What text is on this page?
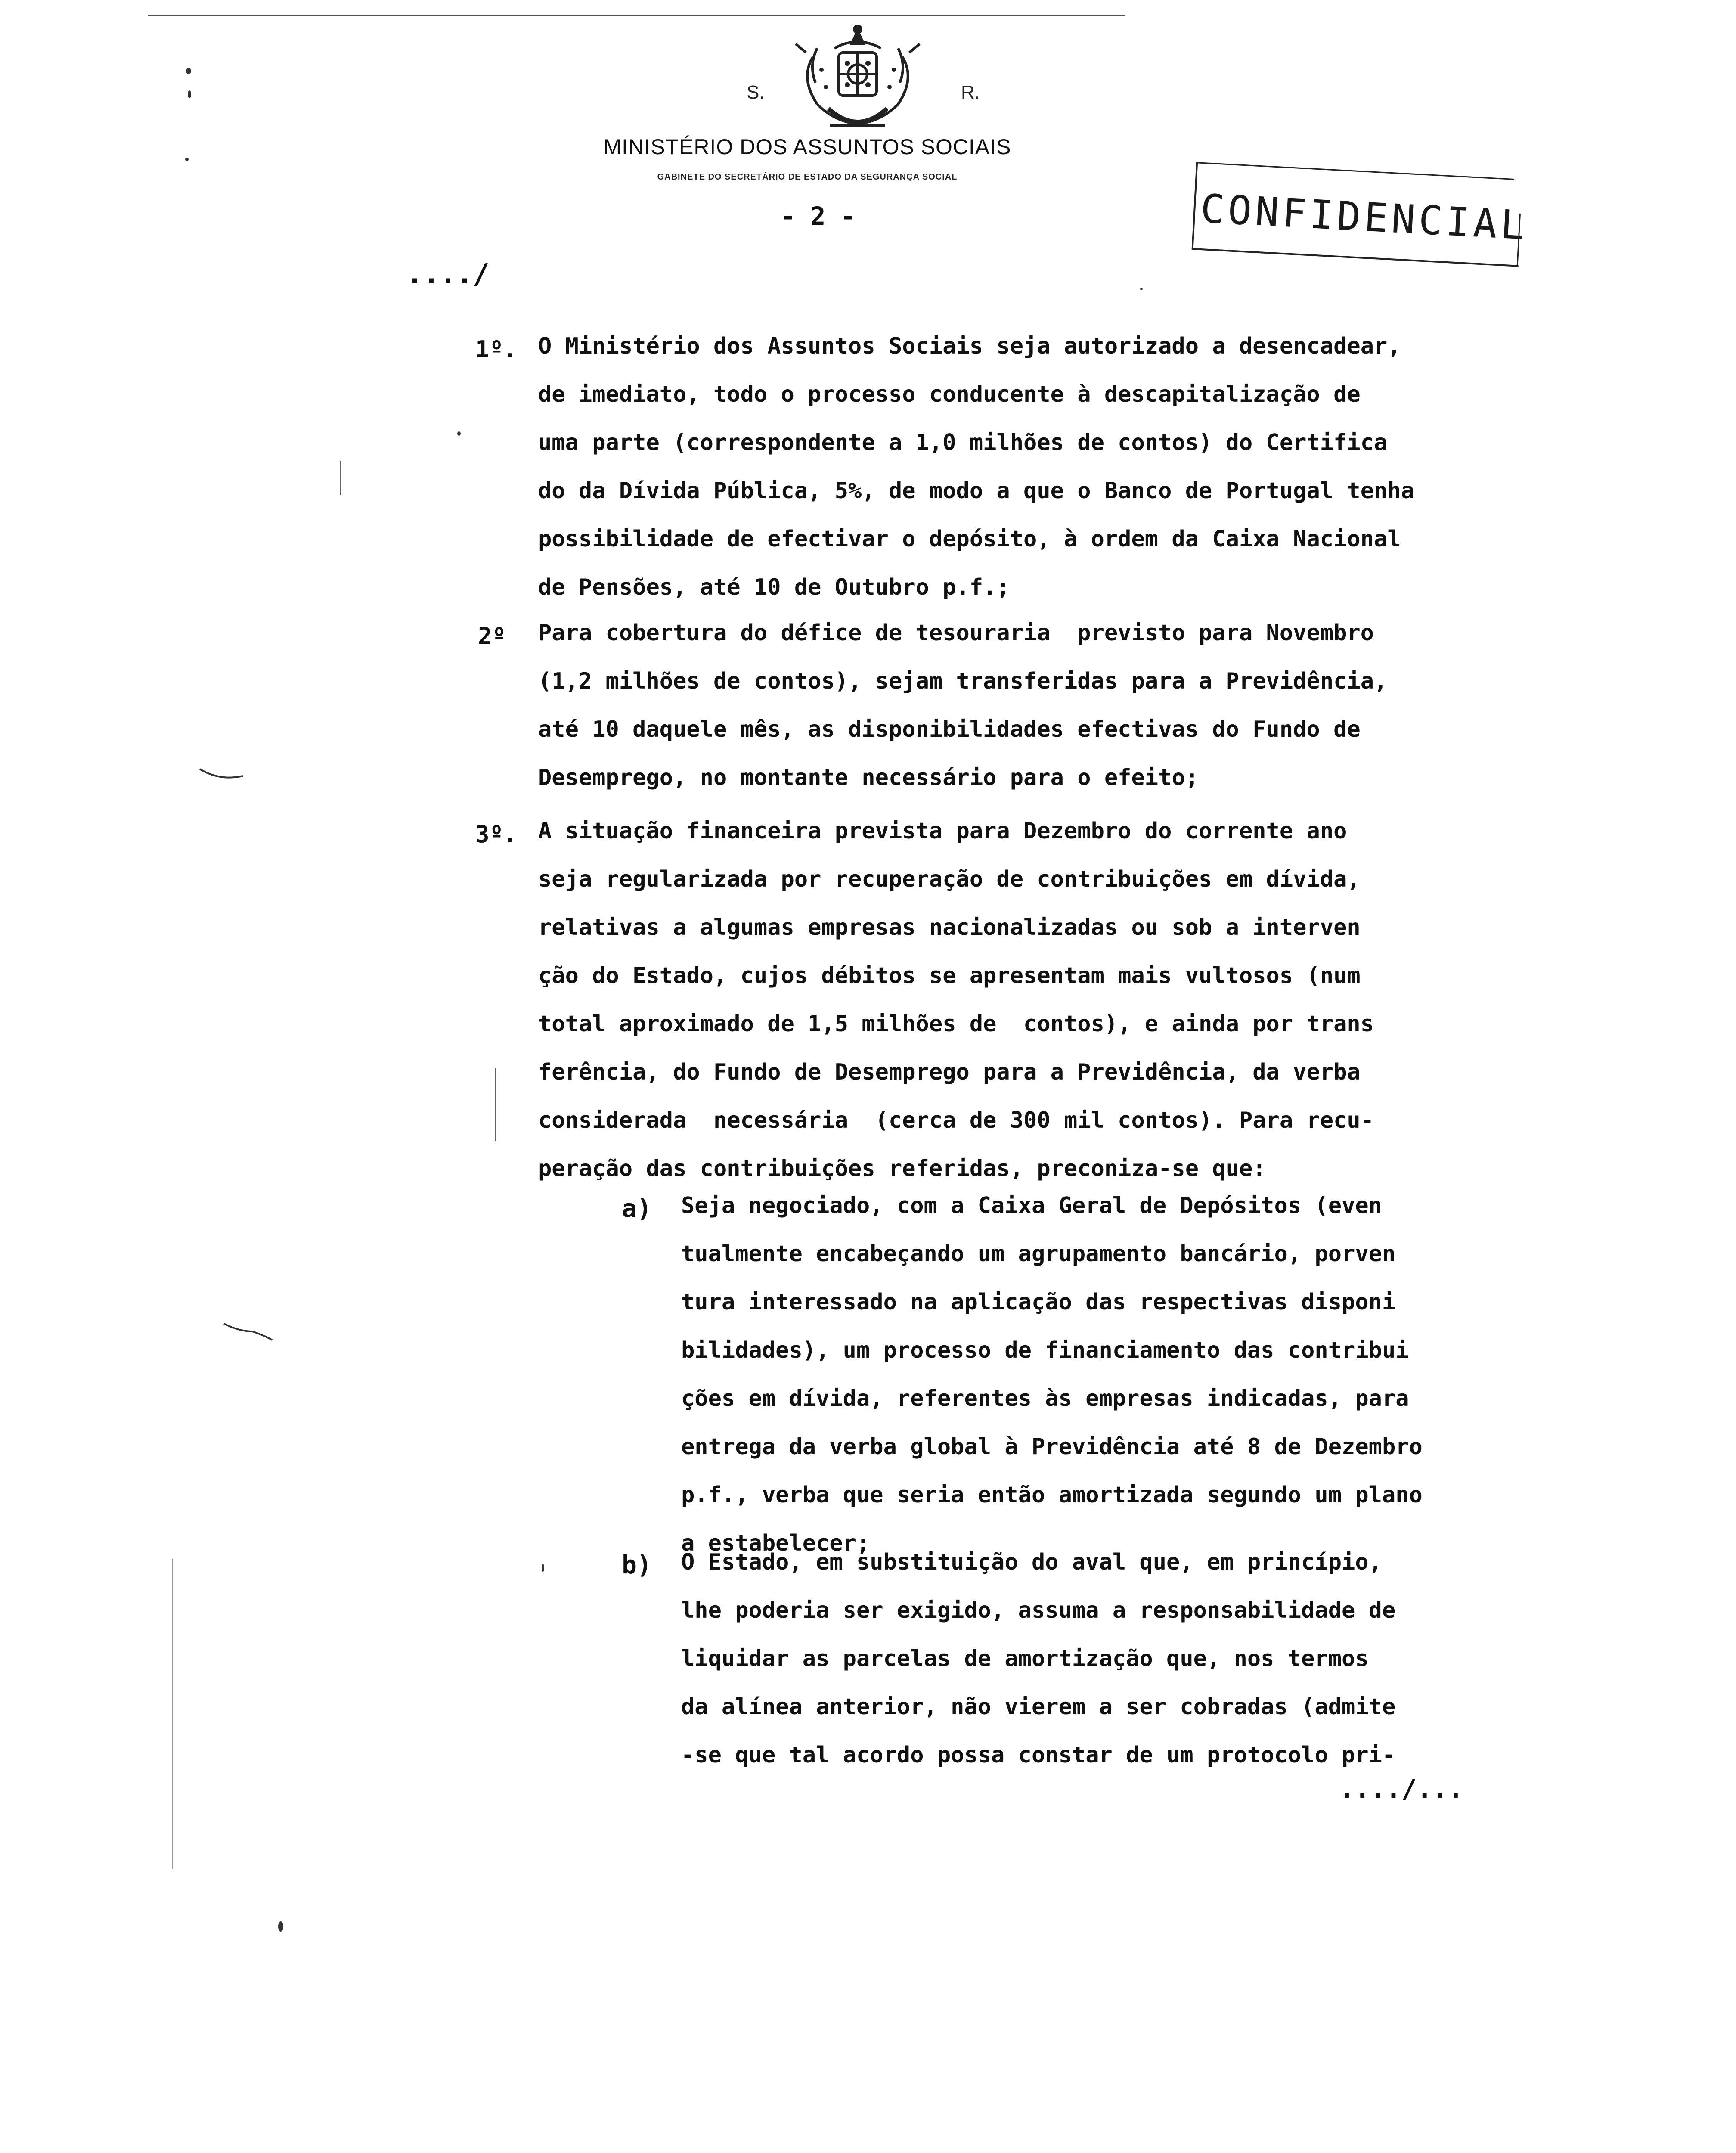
S.	R.
MINISTÉRIO DOS ASSUNTOS SOCIAIS
GABINETE DO SECRETÁRIO DE ESTADO DA SEGURANÇA SOCIAL
- 2 -	CONFIDENCIAL
..../
1º. O Ministério dos Assuntos Sociais seja autorizado a desencadear,
de imediato, todo o processo conducente à descapitalização de
uma parte (correspondente a 1,0 milhões de contos) do Certifica
do da Dívida Pública, 5%, de modo a que o Banco de Portugal tenha
possibilidade de efectivar o depósito, à ordem da Caixa Nacional
de Pensões, até 10 de Outubro p.f.;
2º Para cobertura do défice de tesouraria  previsto para Novembro
(1,2 milhões de contos), sejam transferidas para a Previdência,
até 10 daquele mês, as disponibilidades efectivas do Fundo de
Desemprego, no montante necessário para o efeito;
3º. A situação financeira prevista para Dezembro do corrente ano
seja regularizada por recuperação de contribuições em dívida,
relativas a algumas empresas nacionalizadas ou sob a interven
ção do Estado, cujos débitos se apresentam mais vultosos (num
total aproximado de 1,5 milhões de  contos), e ainda por trans
ferência, do Fundo de Desemprego para a Previdência, da verba
considerada  necessária  (cerca de 300 mil contos). Para recu-
peração das contribuições referidas, preconiza-se que:
a) Seja negociado, com a Caixa Geral de Depósitos (even
tualmente encabeçando um agrupamento bancário, porven
tura interessado na aplicação das respectivas disponi
bilidades), um processo de financiamento das contribui
ções em dívida, referentes às empresas indicadas, para
entrega da verba global à Previdência até 8 de Dezembro
p.f., verba que seria então amortizada segundo um plano
a estabelecer;
b) O Estado, em substituição do aval que, em princípio,
lhe poderia ser exigido, assuma a responsabilidade de
liquidar as parcelas de amortização que, nos termos
da alínea anterior, não vierem a ser cobradas (admite
-se que tal acordo possa constar de um protocolo pri-
..../...
